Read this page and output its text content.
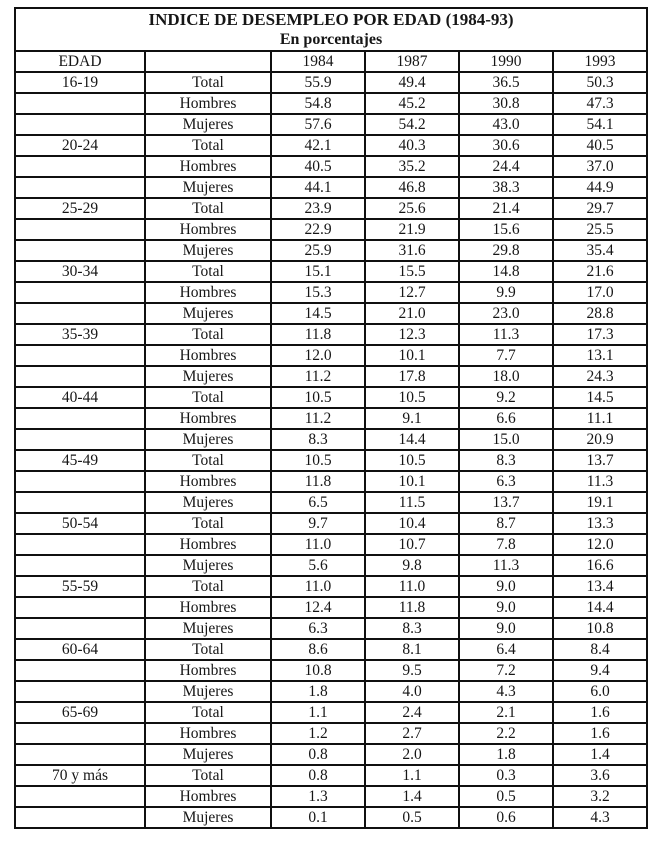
INDICE DE DESEMPLEO POR EDAD (1984-93)
En porcentajes					

EDAD		1984	1987	1990	1993
16-19	Total	55.9	49.4	36.5	50.3
	Hombres	54.8	45.2	30.8	47.3
	Mujeres	57.6	54.2	43.0	54.1
20-24	Total	42.1	40.3	30.6	40.5
	Hombres	40.5	35.2	24.4	37.0
	Mujeres	44.1	46.8	38.3	44.9
25-29	Total	23.9	25.6	21.4	29.7
	Hombres	22.9	21.9	15.6	25.5
	Mujeres	25.9	31.6	29.8	35.4
30-34	Total	15.1	15.5	14.8	21.6
	Hombres	15.3	12.7	9.9	17.0
	Mujeres	14.5	21.0	23.0	28.8
35-39	Total	11.8	12.3	11.3	17.3
	Hombres	12.0	10.1	7.7	13.1
	Mujeres	11.2	17.8	18.0	24.3
40-44	Total	10.5	10.5	9.2	14.5
	Hombres	11.2	9.1	6.6	11.1
	Mujeres	8.3	14.4	15.0	20.9
45-49	Total	10.5	10.5	8.3	13.7
	Hombres	11.8	10.1	6.3	11.3
	Mujeres	6.5	11.5	13.7	19.1
50-54	Total	9.7	10.4	8.7	13.3
	Hombres	11.0	10.7	7.8	12.0
	Mujeres	5.6	9.8	11.3	16.6
55-59	Total	11.0	11.0	9.0	13.4
	Hombres	12.4	11.8	9.0	14.4
	Mujeres	6.3	8.3	9.0	10.8
60-64	Total	8.6	8.1	6.4	8.4
	Hombres	10.8	9.5	7.2	9.4
	Mujeres	1.8	4.0	4.3	6.0
65-69	Total	1.1	2.4	2.1	1.6
	Hombres	1.2	2.7	2.2	1.6
	Mujeres	0.8	2.0	1.8	1.4
70 y más	Total	0.8	1.1	0.3	3.6
	Hombres	1.3	1.4	0.5	3.2
	Mujeres	0.1	0.5	0.6	4.3
